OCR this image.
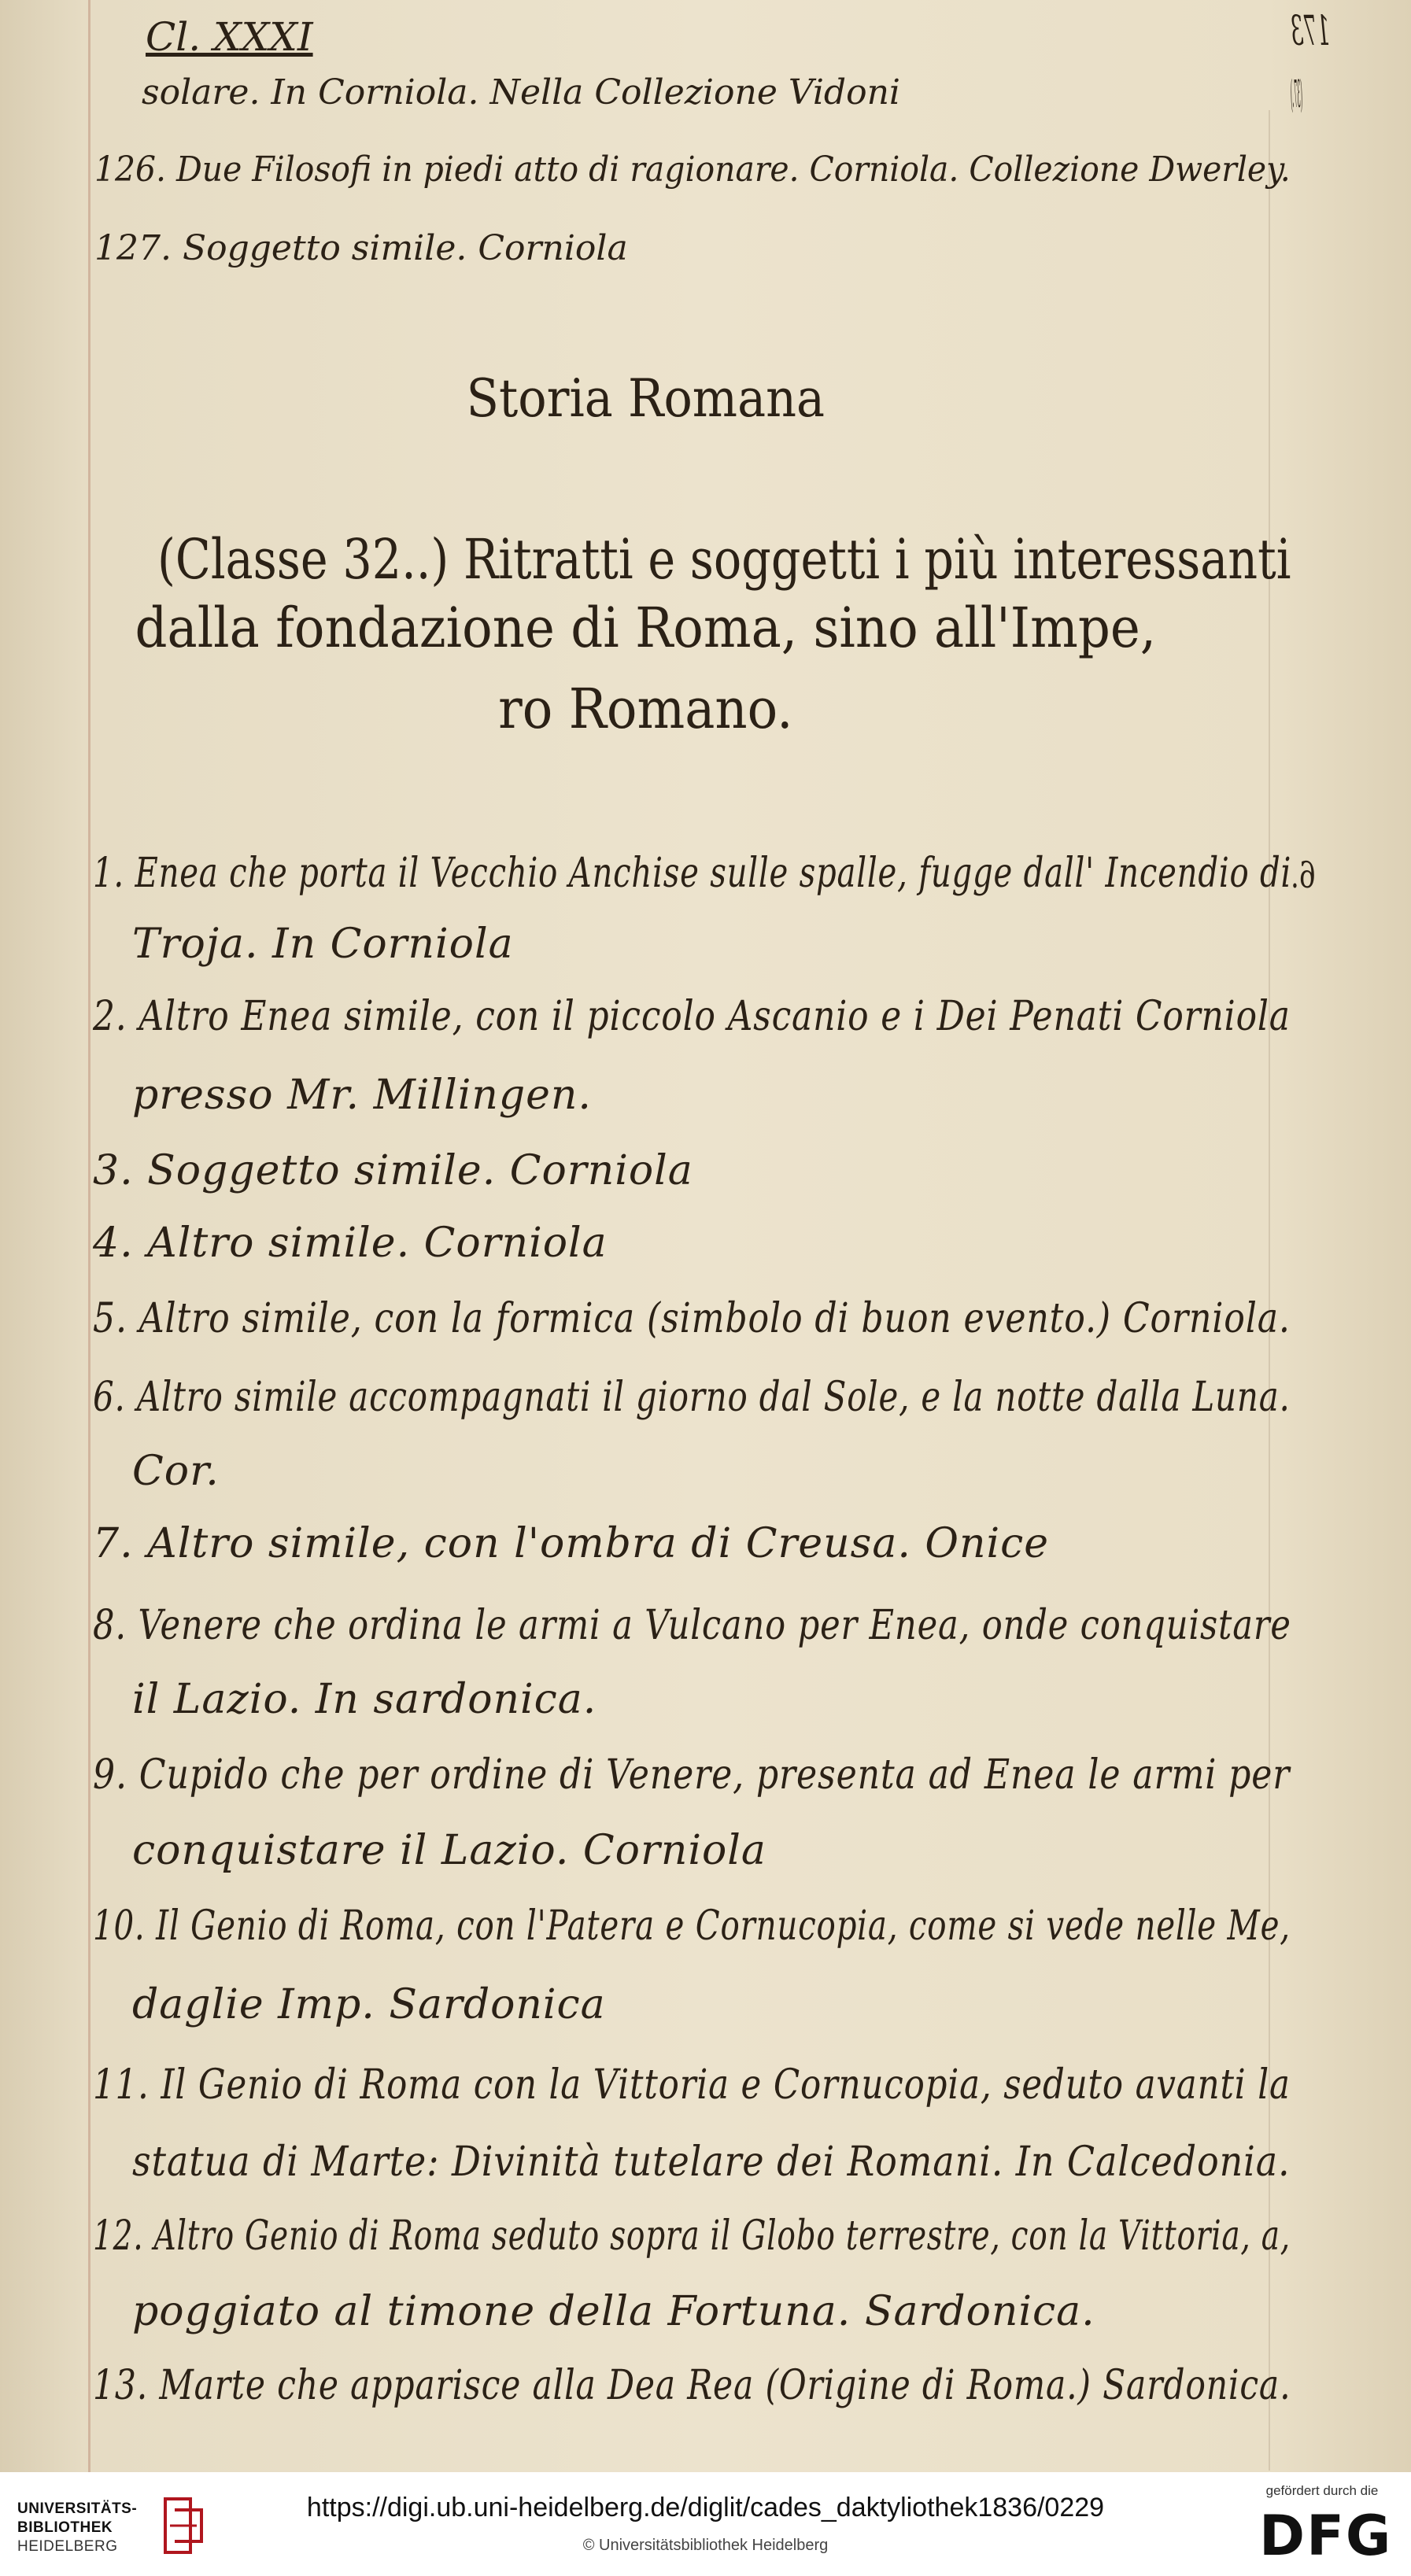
Cl. XXXI	173
(37.)
solare. In Corniola. Nella Collezione Vidoni
126. Due Filosofi in piedi atto di ragionare. Corniola. Collezione Dwerley.
127. Soggetto simile. Corniola
Storia Romana
(Classe 32..) Ritratti e soggetti i più interessanti
dalla fondazione di Roma, sino all'Impe,
ro Romano.
6.
1. Enea che porta il Vecchio Anchise sulle spalle, fugge dall' Incendio di
Troja. In Corniola
2. Altro Enea simile, con il piccolo Ascanio e i Dei Penati Corniola
presso Mr. Millingen.
3. Soggetto simile. Corniola
4. Altro simile. Corniola
5. Altro simile, con la formica (simbolo di buon evento.) Corniola.
6. Altro simile accompagnati il giorno dal Sole, e la notte dalla Luna.
Cor.
7. Altro simile, con l'ombra di Creusa. Onice
8. Venere che ordina le armi a Vulcano per Enea, onde conquistare
il Lazio. In sardonica.
9. Cupido che per ordine di Venere, presenta ad Enea le armi per
conquistare il Lazio. Corniola
10. Il Genio di Roma, con l'Patera e Cornucopia, come si vede nelle Me,
daglie Imp. Sardonica
11. Il Genio di Roma con la Vittoria e Cornucopia, seduto avanti la
statua di Marte: Divinità tutelare dei Romani. In Calcedonia.
12. Altro Genio di Roma seduto sopra il Globo terrestre, con la Vittoria, a,
poggiato al timone della Fortuna. Sardonica.
13. Marte che apparisce alla Dea Rea (Origine di Roma.) Sardonica.
UNIVERSITÄTS-
BIBLIOTHEK
HEIDELBERG
https://digi.ub.uni-heidelberg.de/diglit/cades_daktyliothek1836/0229
© Universitätsbibliothek Heidelberg
gefördert durch die
DFG
